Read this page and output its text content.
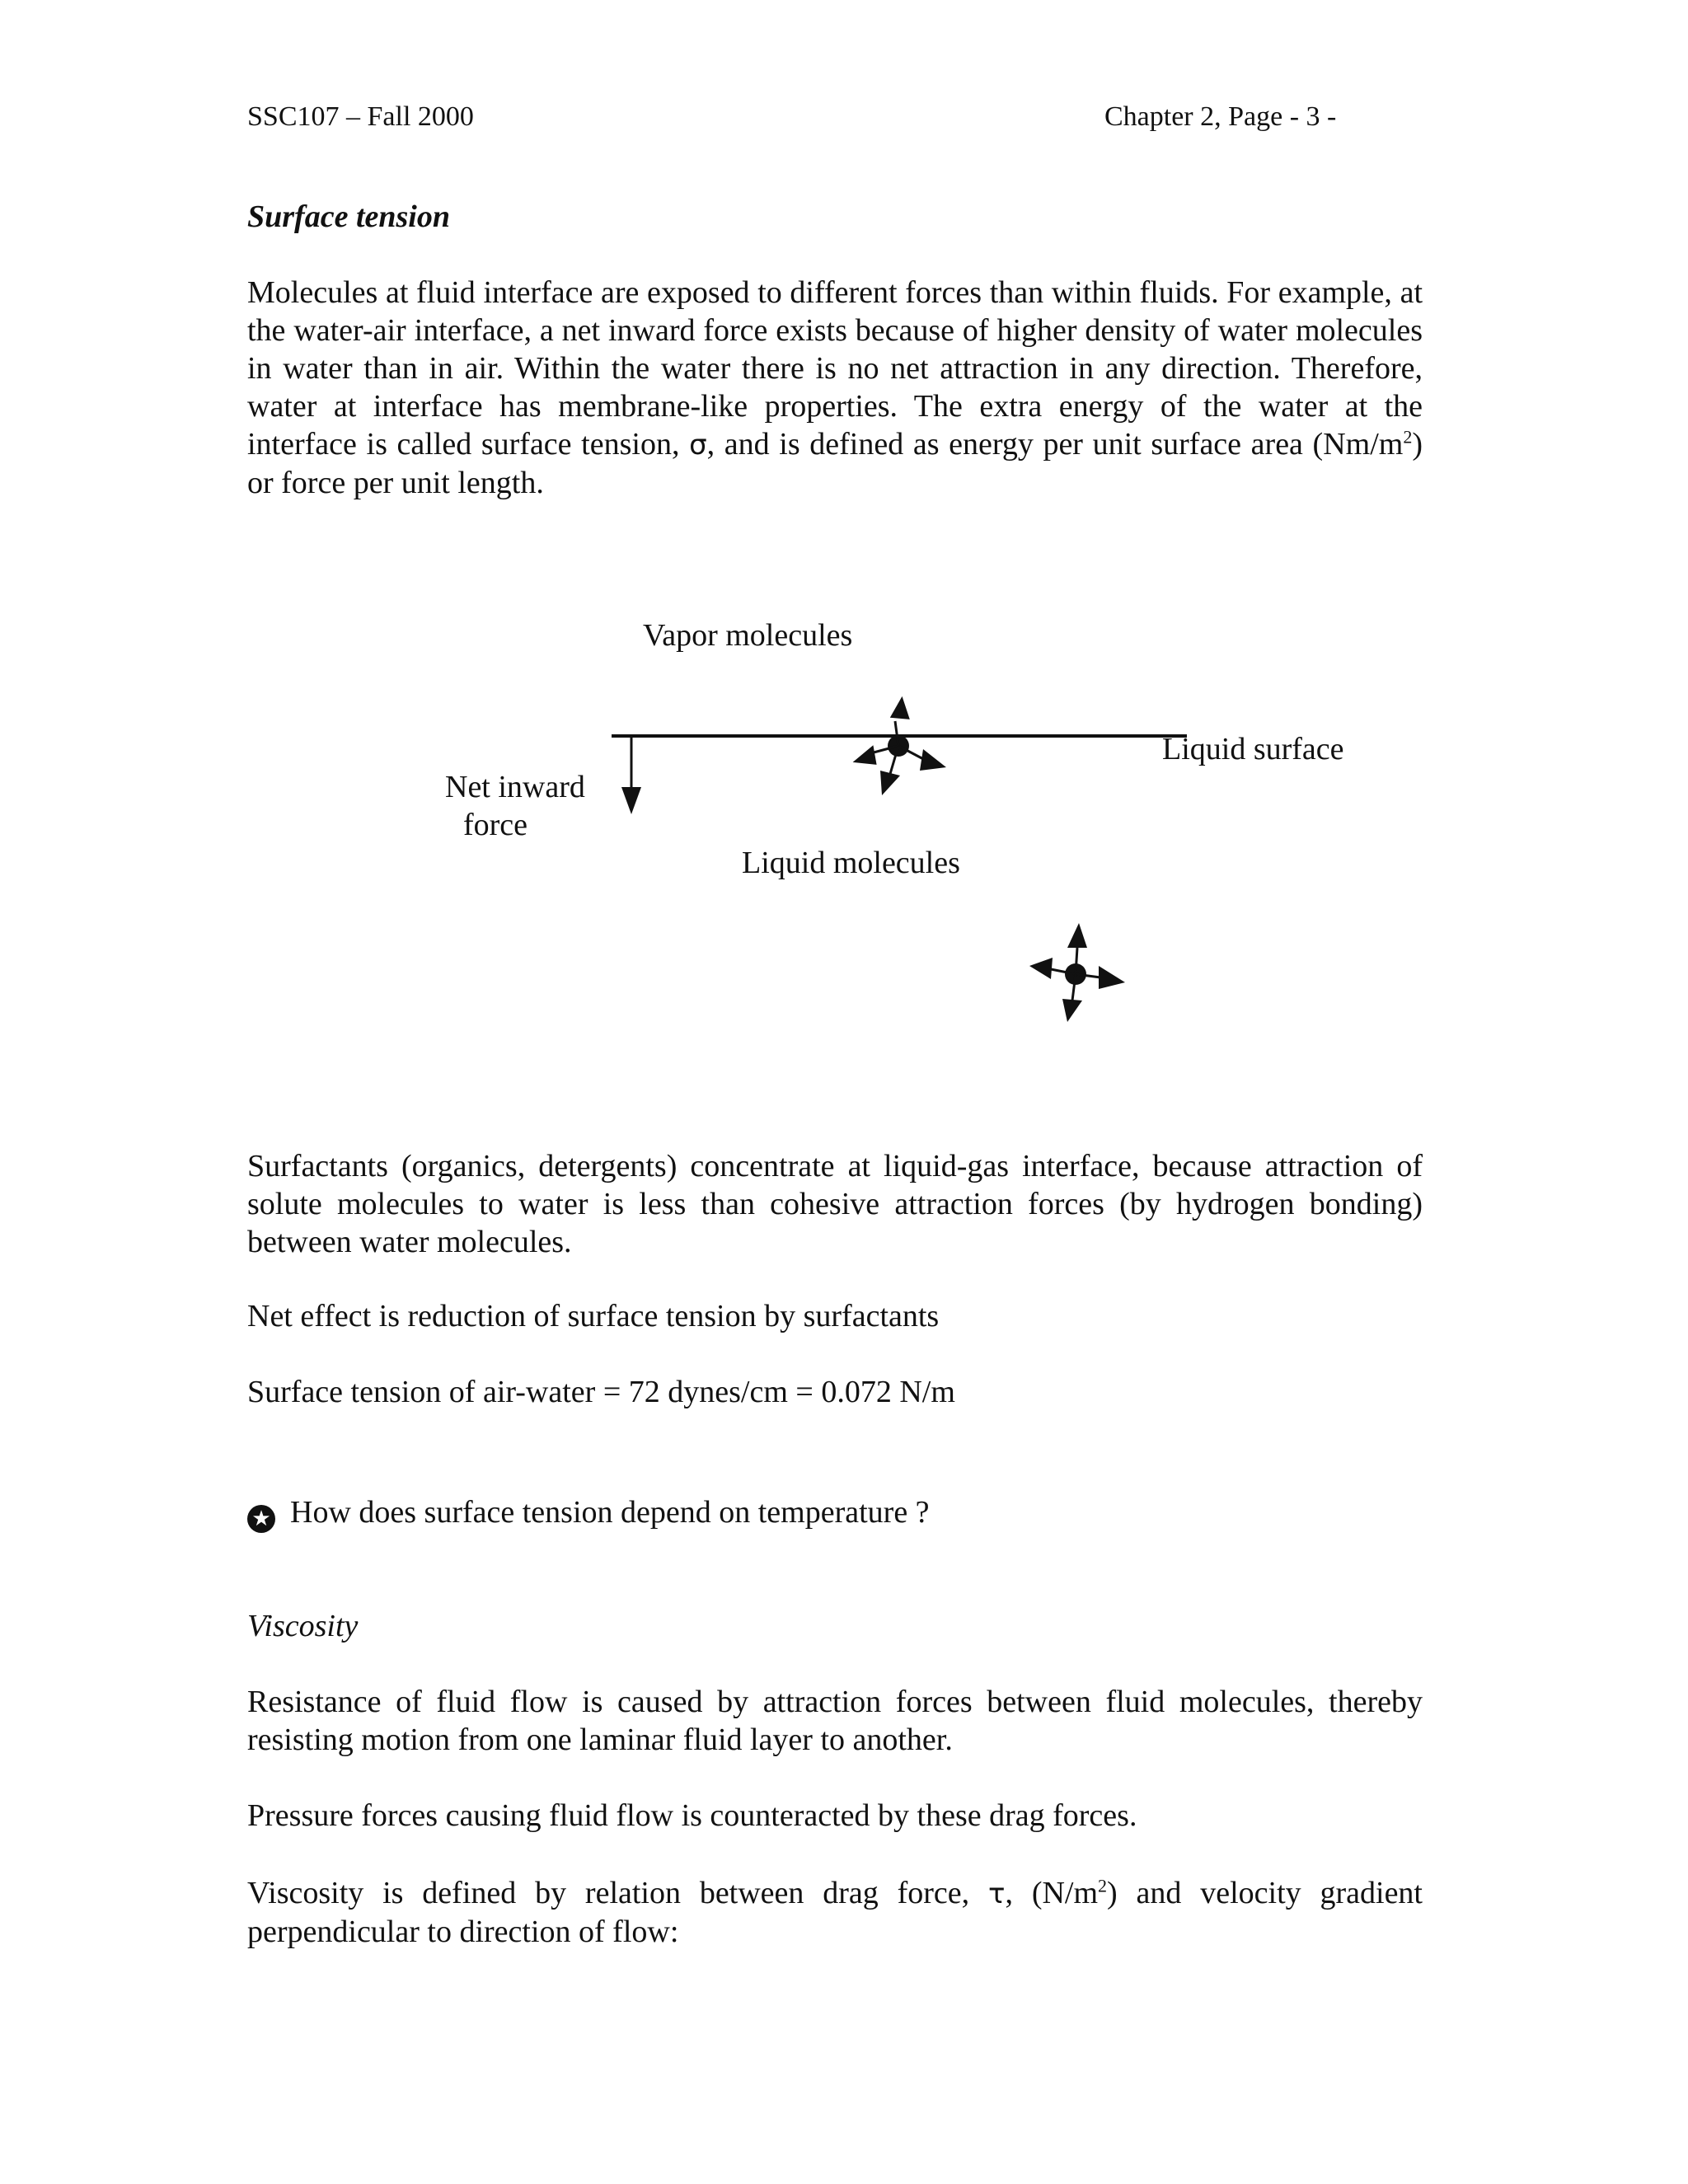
SSC107 – Fall 2000	Chapter 2, Page - 3 -
Surface tension

Molecules at fluid interface are exposed to different forces than within fluids. For example, at the water-air interface, a net inward force exists because of higher density of water molecules in water than in air. Within the water there is no net attraction in any direction. Therefore, water at interface has membrane-like properties. The extra energy of the water at the interface is called surface tension, σ, and is defined as energy per unit surface area $(Nm/m^2)$ or force per unit length.

Vapor molecules
Liquid surface
Net inward
force
Liquid molecules

Surfactants (organics, detergents) concentrate at liquid-gas interface, because attraction of solute molecules to water is less than cohesive attraction forces (by hydrogen bonding) between water molecules.

Net effect is reduction of surface tension by surfactants
Surface tension of air-water = 72 dynes/cm = 0.072 N/m
★ How does surface tension depend on temperature ?
Viscosity

Resistance of fluid flow is caused by attraction forces between fluid molecules, thereby resisting motion from one laminar fluid layer to another.

Pressure forces causing fluid flow is counteracted by these drag forces.

Viscosity is defined by relation between drag force, τ, $(N/m^2)$ and velocity gradient perpendicular to direction of flow:
